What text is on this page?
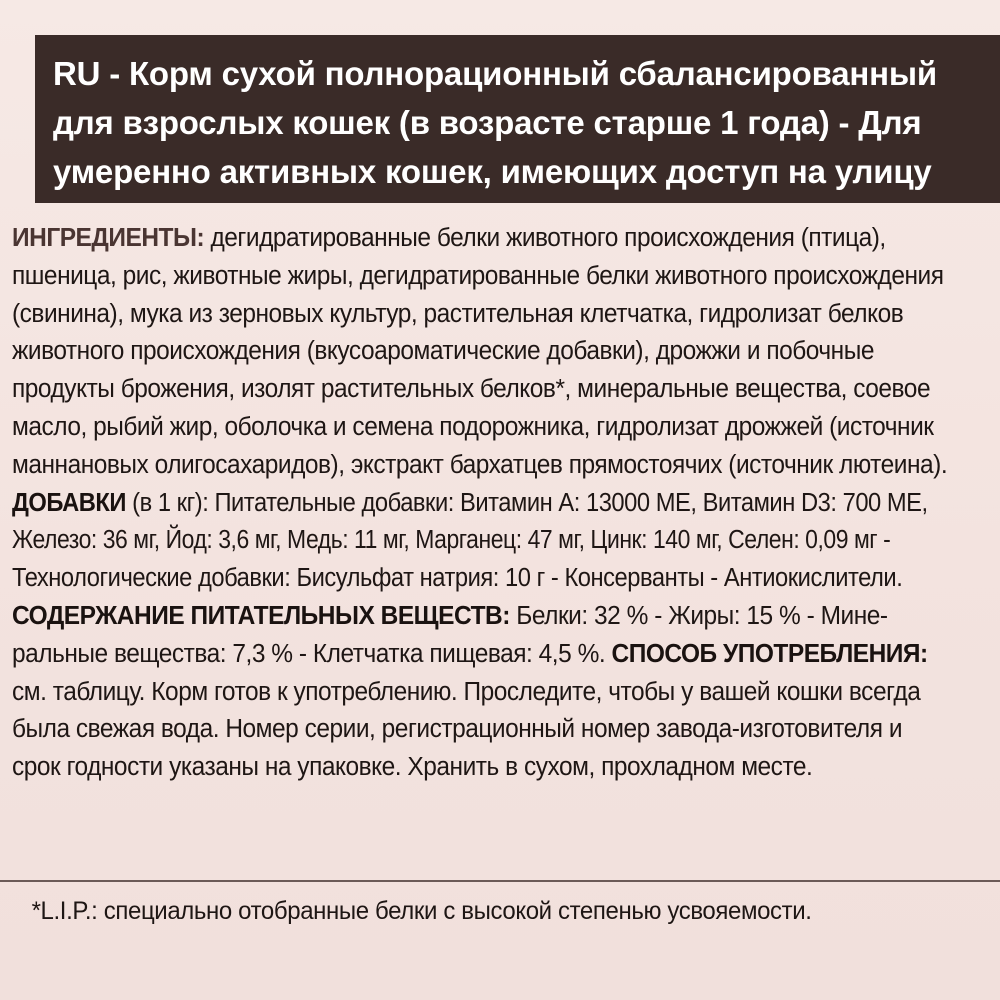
RU - Корм сухой полнорационный сбалансированный
для взрослых кошек (в возрасте старше 1 года) - Для
умеренно активных кошек, имеющих доступ на улицу
ИНГРЕДИЕНТЫ: дегидратированные белки животного происхождения (птица),
пшеница, рис, животные жиры, дегидратированные белки животного происхождения
(свинина), мука из зерновых культур, растительная клетчатка, гидролизат белков
животного происхождения (вкусоароматические добавки), дрожжи и побочные
продукты брожения, изолят растительных белков*, минеральные вещества, соевое
масло, рыбий жир, оболочка и семена подорожника, гидролизат дрожжей (источник
маннановых олигосахаридов), экстракт бархатцев прямостоячих (источник лютеина).
ДОБАВКИ (в 1 кг): Питательные добавки: Витамин А: 13000 МЕ, Витамин D3: 700 МЕ,
Железо: 36 мг, Йод: 3,6 мг, Медь: 11 мг, Марганец: 47 мг, Цинк: 140 мг, Селен: 0,09 мг -
Технологические добавки: Бисульфат натрия: 10 г - Консерванты - Антиокислители.
СОДЕРЖАНИЕ ПИТАТЕЛЬНЫХ ВЕЩЕСТВ: Белки: 32 % - Жиры: 15 % - Мине-
ральные вещества: 7,3 % - Клетчатка пищевая: 4,5 %. СПОСОБ УПОТРЕБЛЕНИЯ:
см. таблицу. Корм готов к употреблению. Проследите, чтобы у вашей кошки всегда
была свежая вода. Номер серии, регистрационный номер завода-изготовителя и
срок годности указаны на упаковке. Хранить в сухом, прохладном месте.
*L.I.P.: специально отобранные белки с высокой степенью усвояемости.
